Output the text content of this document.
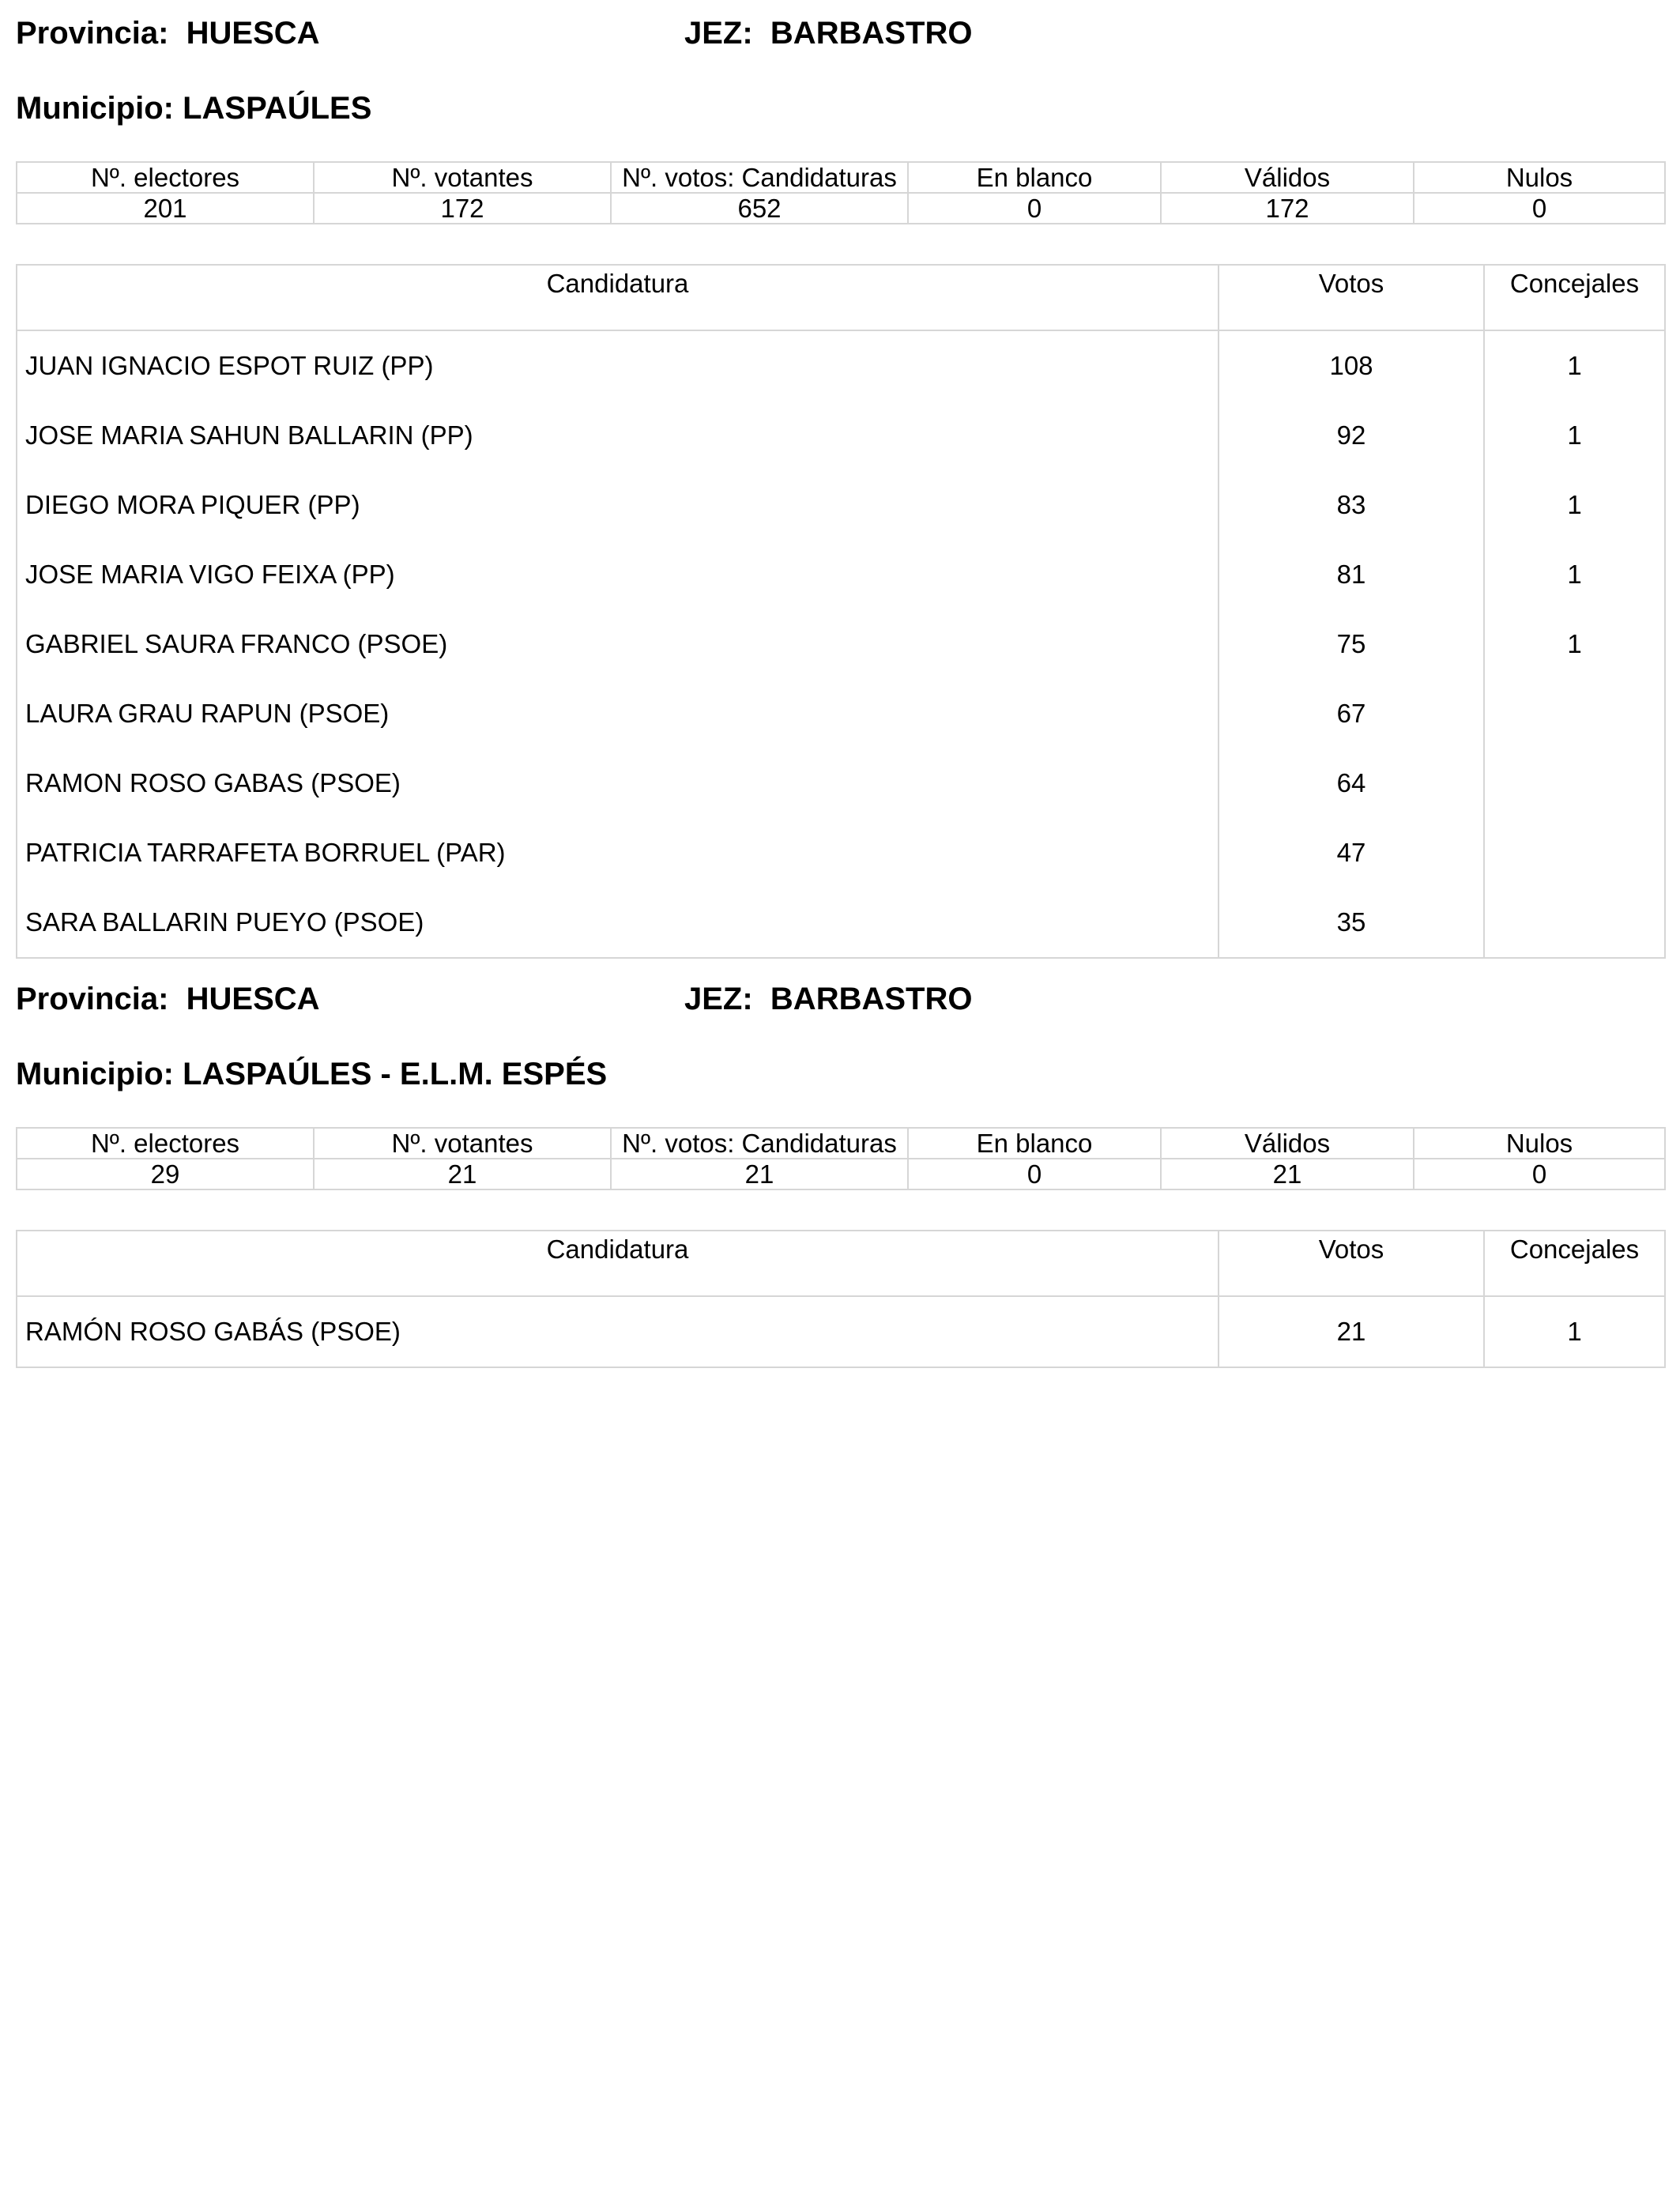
Provincia: HUESCA	JEZ: BARBASTRO
Municipio: LASPAÚLES
Nº. electores	Nº. votantes	Nº. votos: Candidaturas	En blanco	Válidos	Nulos
201	172	652	0	172	0
Candidatura	Votos	Concejales
JUAN IGNACIO ESPOT RUIZ (PP)	108	1
JOSE MARIA SAHUN BALLARIN (PP)	92	1
DIEGO MORA PIQUER (PP)	83	1
JOSE MARIA VIGO FEIXA (PP)	81	1
GABRIEL SAURA FRANCO (PSOE)	75	1
LAURA GRAU RAPUN (PSOE)	67	
RAMON ROSO GABAS (PSOE)	64	
PATRICIA TARRAFETA BORRUEL (PAR)	47	
SARA BALLARIN PUEYO (PSOE)	35	
Provincia: HUESCA	JEZ: BARBASTRO
Municipio: LASPAÚLES - E.L.M. ESPÉS
Nº. electores	Nº. votantes	Nº. votos: Candidaturas	En blanco	Válidos	Nulos
29	21	21	0	21	0
Candidatura	Votos	Concejales
RAMÓN ROSO GABÁS (PSOE)	21	1
